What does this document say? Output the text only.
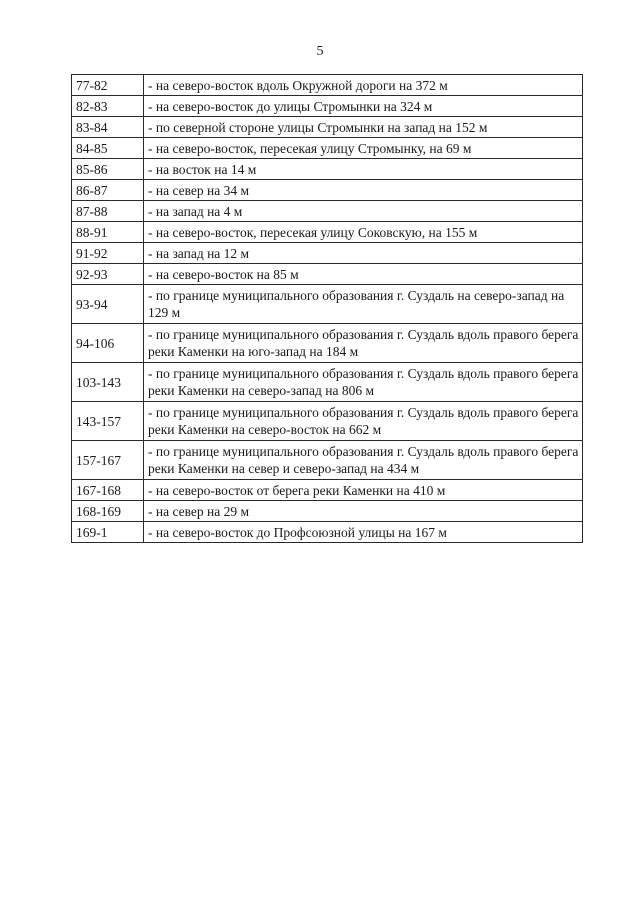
5
77-82	- на северо-восток вдоль Окружной дороги на 372 м
82-83	- на северо-восток до улицы Стромынки на 324 м
83-84	- по северной стороне улицы Стромынки на запад на 152 м
84-85	- на северо-восток, пересекая улицу Стромынку, на 69 м
85-86	- на восток на 14 м
86-87	- на север на 34 м
87-88	- на запад на 4 м
88-91	- на северо-восток, пересекая улицу Соковскую, на 155 м
91-92	- на запад на 12 м
92-93	- на северо-восток на 85 м
93-94	- по границе муниципального образования г. Суздаль на северо-запад на 129 м
94-106	- по границе муниципального образования г. Суздаль вдоль правого берега реки Каменки на юго-запад на 184 м
103-143	- по границе муниципального образования г. Суздаль вдоль правого берега реки Каменки на северо-запад на 806 м
143-157	- по границе муниципального образования г. Суздаль вдоль правого берега реки Каменки на северо-восток на 662 м
157-167	- по границе муниципального образования г. Суздаль вдоль правого берега реки Каменки на север и северо-запад на 434 м
167-168	- на северо-восток от берега реки Каменки на 410 м
168-169	- на север на 29 м
169-1	- на северо-восток до Профсоюзной улицы на 167 м
